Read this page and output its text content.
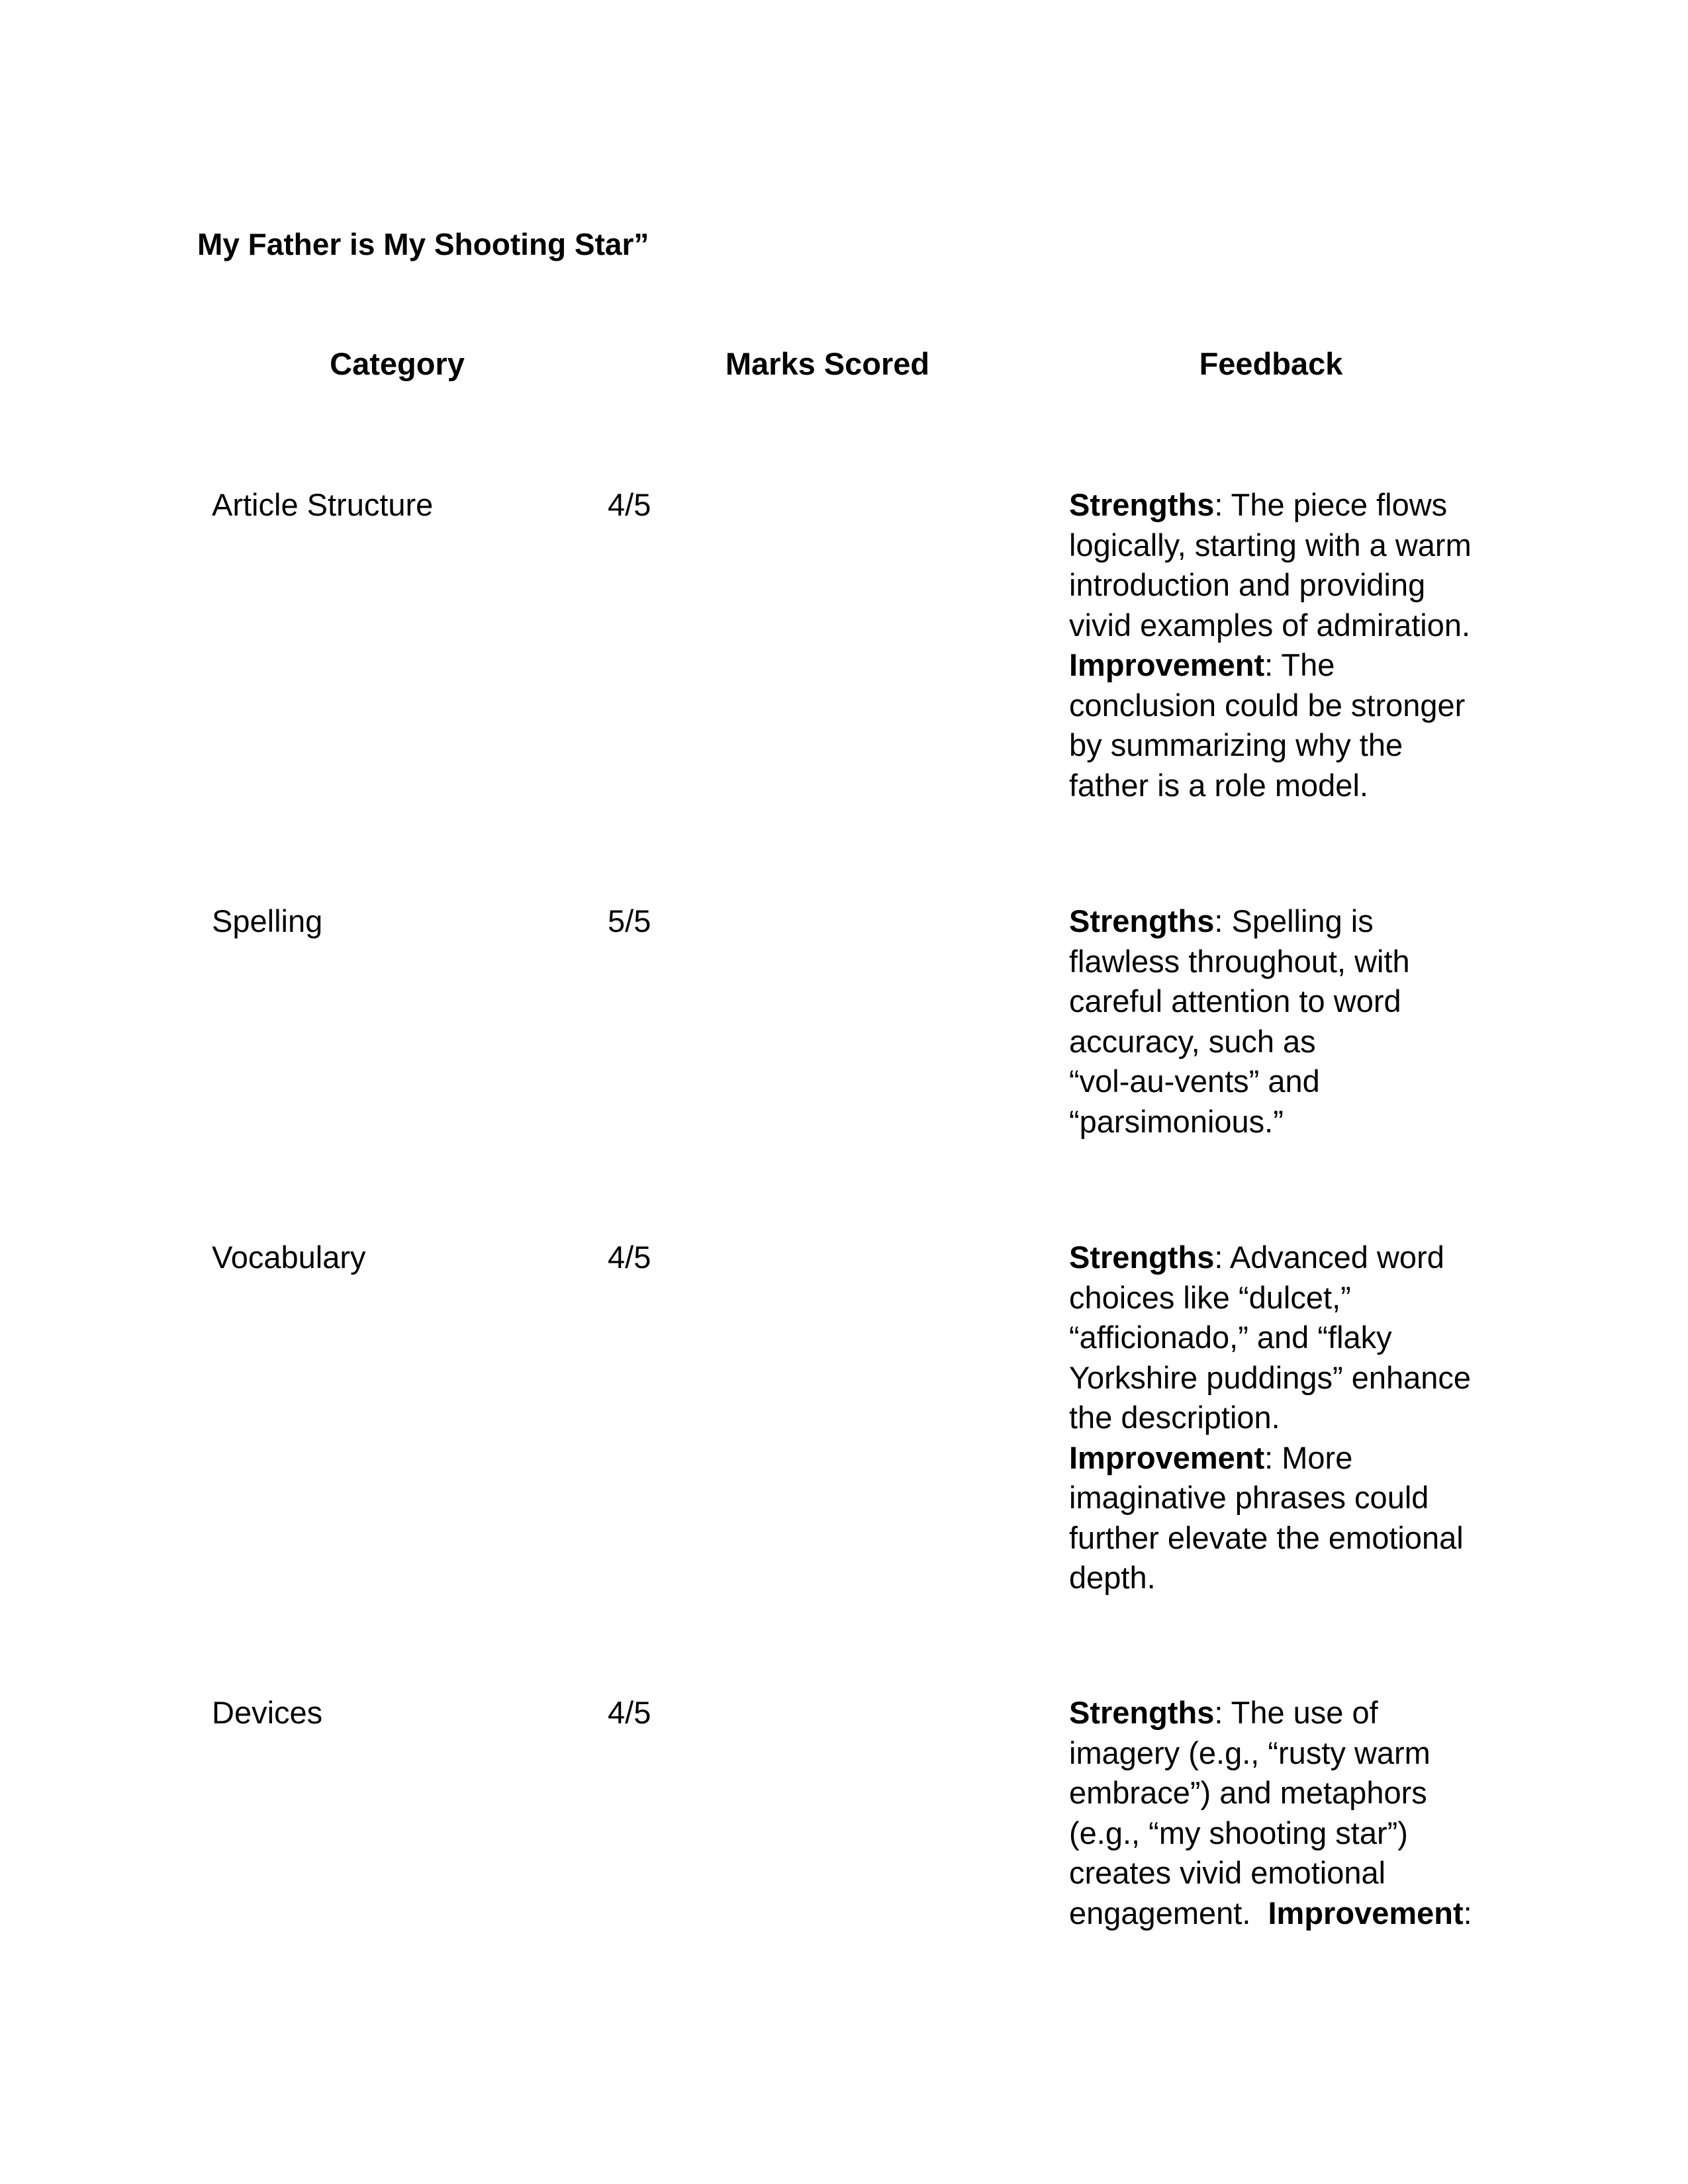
My Father is My Shooting Star”
Category	Marks Scored	Feedback
Article Structure	4/5	Strengths: The piece flows
logically, starting with a warm
introduction and providing
vivid examples of admiration.
Improvement: The
conclusion could be stronger
by summarizing why the
father is a role model.
Spelling	5/5	Strengths: Spelling is
flawless throughout, with
careful attention to word
accuracy, such as
“vol-au-vents” and
“parsimonious.”
Vocabulary	4/5	Strengths: Advanced word
choices like “dulcet,”
“afficionado,” and “flaky
Yorkshire puddings” enhance
the description.
Improvement: More
imaginative phrases could
further elevate the emotional
depth.
Devices	4/5	Strengths: The use of
imagery (e.g., “rusty warm
embrace”) and metaphors
(e.g., “my shooting star”)
creates vivid emotional
engagement.  Improvement:
